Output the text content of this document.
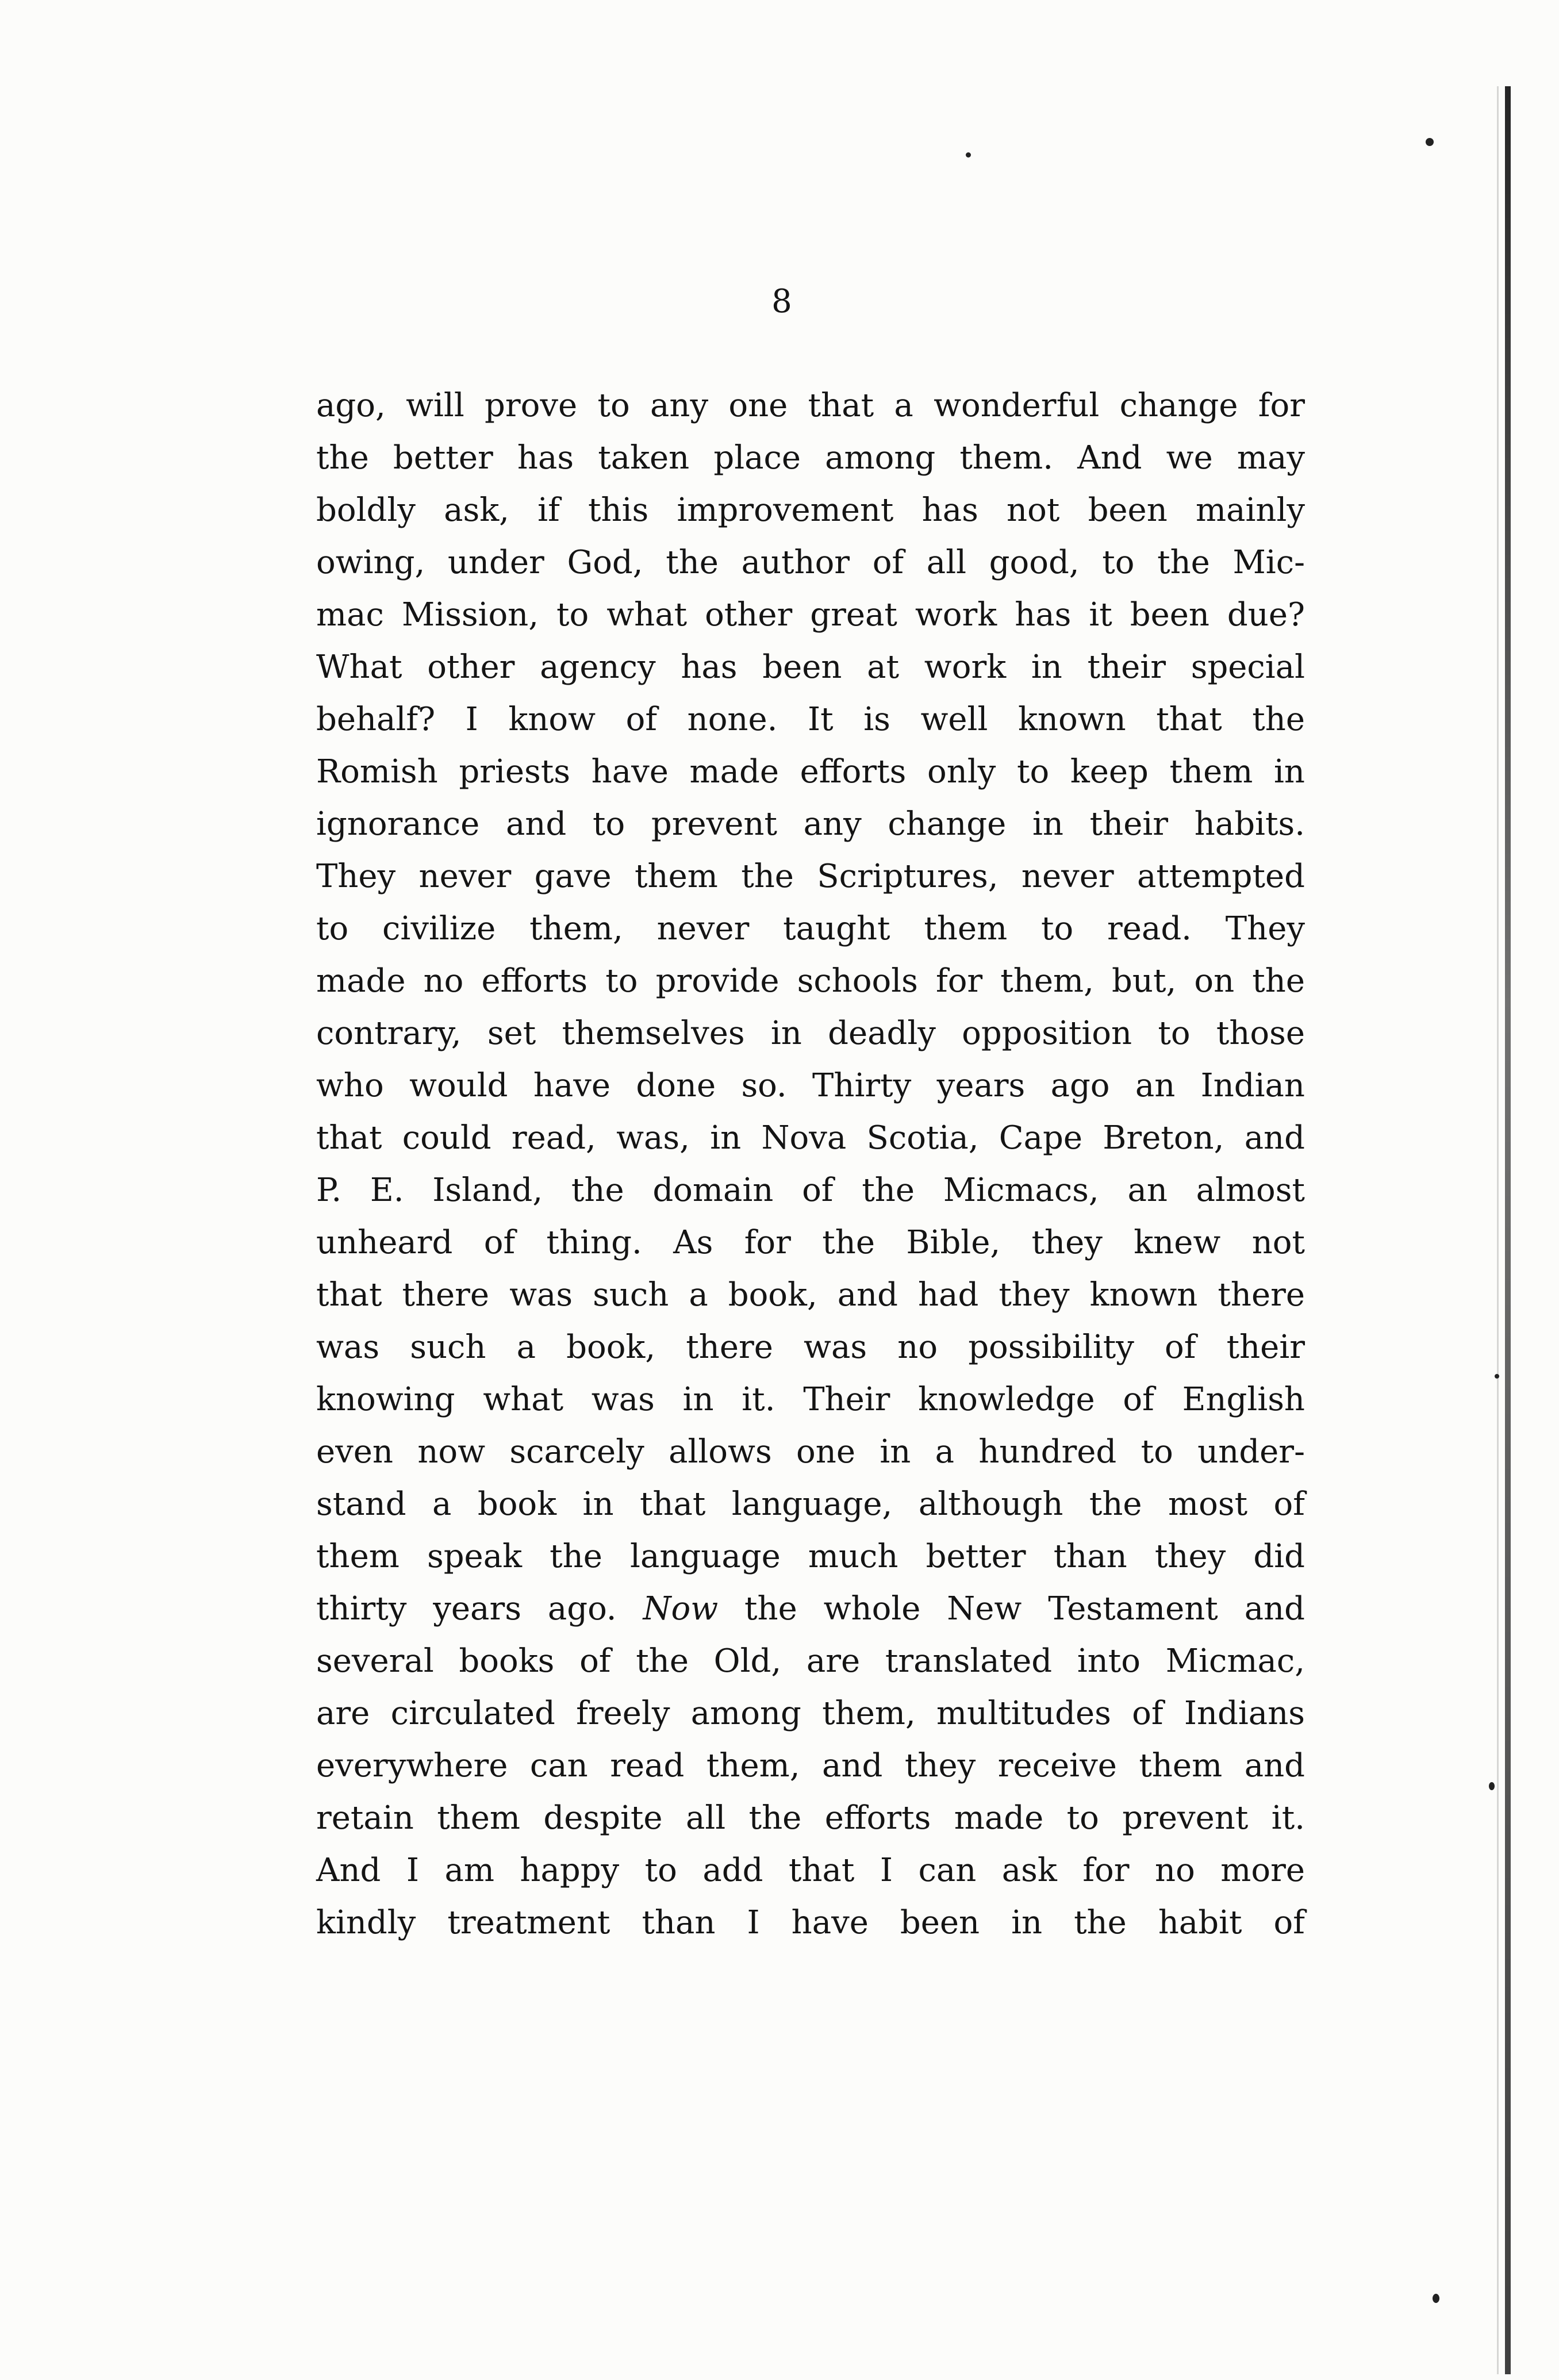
8
ago, will prove to any one that a wonderful change for
the better has taken place among them. And we may
boldly ask, if this improvement has not been mainly
owing, under God, the author of all good, to the Mic-
mac Mission, to what other great work has it been due?
What other agency has been at work in their special
behalf? I know of none. It is well known that the
Romish priests have made efforts only to keep them in
ignorance and to prevent any change in their habits.
They never gave them the Scriptures, never attempted
to civilize them, never taught them to read. They
made no efforts to provide schools for them, but, on the
contrary, set themselves in deadly opposition to those
who would have done so. Thirty years ago an Indian
that could read, was, in Nova Scotia, Cape Breton, and
P. E. Island, the domain of the Micmacs, an almost
unheard of thing. As for the Bible, they knew not
that there was such a book, and had they known there
was such a book, there was no possibility of their
knowing what was in it. Their knowledge of English
even now scarcely allows one in a hundred to under-
stand a book in that language, although the most of
them speak the language much better than they did
thirty years ago. Now the whole New Testament and
several books of the Old, are translated into Micmac,
are circulated freely among them, multitudes of Indians
everywhere can read them, and they receive them and
retain them despite all the efforts made to prevent it.
And I am happy to add that I can ask for no more
kindly treatment than I have been in the habit of
